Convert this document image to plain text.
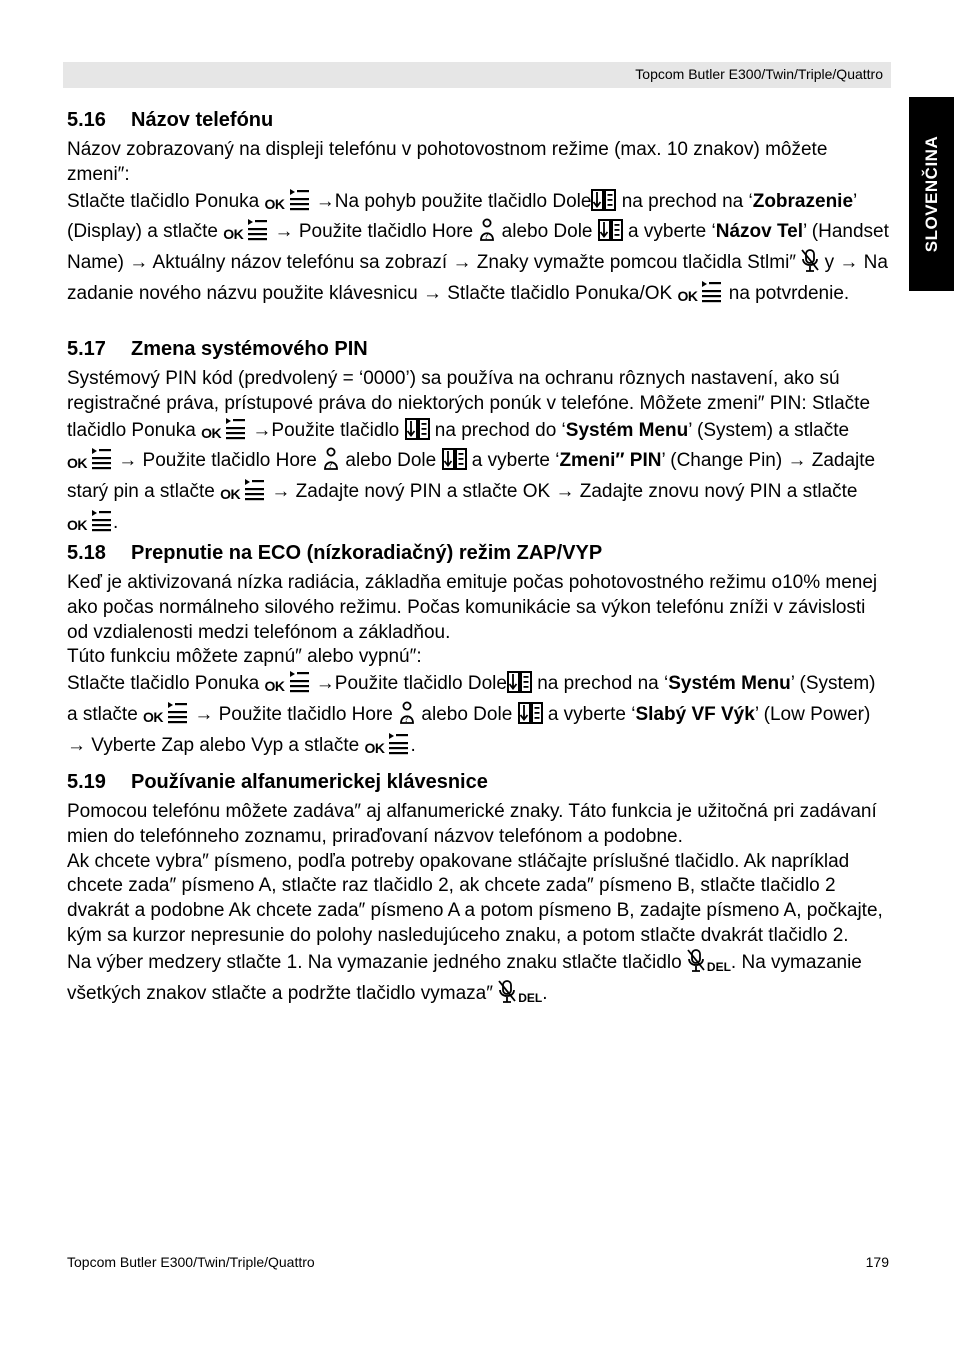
Topcom Butler E300/Twin/Triple/Quattro
SLOVENČINA
5.16 Názov telefónu

Názov zobrazovaný na displeji telefónu v pohotovostnom režime (max. 10 znakov) môžete zmeni″:

Stlačte tlačidlo Ponuka OK →Na pohyb použite tlačidlo Dole na prechod na ‘Zobrazenie’ (Display) a stlačte OK → Použite tlačidlo Hore  alebo Dole  a vyberte ‘Názov Tel’ (Handset Name) → Aktuálny názov telefónu sa zobrazí → Znaky vymažte pomcou tlačidla Stlmi″  y → Na zadanie nového názvu použite klávesnicu → Stlačte tlačidlo Ponuka/OK OK na potvrdenie.

5.17 Zmena systémového PIN

Systémový PIN kód (predvolený = ‘0000’) sa používa na ochranu rôznych nastavení, ako sú registračné práva, prístupové práva do niektorých ponúk v telefóne. Môžete zmeni″ PIN: Stlačte tlačidlo Ponuka OK →Použite tlačidlo  na prechod do ‘Systém Menu’ (System) a stlačte OK → Použite tlačidlo Hore  alebo Dole  a vyberte ‘Zmeni″ PIN’ (Change Pin) → Zadajte starý pin a stlačte OK → Zadajte nový PIN a stlačte OK → Zadajte znovu nový PIN a stlačte OK .

5.18 Prepnutie na ECO (nízkoradiačný) režim ZAP/VYP

Keď je aktivizovaná nízka radiácia, základňa emituje počas pohotovostného režimu o10% menej ako počas normálneho silového režimu. Počas komunikácie sa výkon telefónu zníži v závislosti od vzdialenosti medzi telefónom a základňou.

Túto funkciu môžete zapnú″ alebo vypnú″:

Stlačte tlačidlo Ponuka OK →Použite tlačidlo Dole na prechod na ‘Systém Menu’ (System) a stlačte OK → Použite tlačidlo Hore  alebo Dole  a vyberte ‘Slabý VF Výk’ (Low Power) → Vyberte Zap alebo Vyp a stlačte OK .

5.19 Používanie alfanumerickej klávesnice

Pomocou telefónu môžete zadáva″ aj alfanumerické znaky. Táto funkcia je užitočná pri zadávaní mien do telefónneho zoznamu, priraďovaní názvov telefónom a podobne.

Ak chcete vybra″ písmeno, podľa potreby opakovane stláčajte príslušné tlačidlo. Ak napríklad chcete zada″ písmeno A, stlačte raz tlačidlo 2, ak chcete zada″ písmeno B, stlačte tlačidlo 2 dvakrát a podobne Ak chcete zada″ písmeno A a potom písmeno B, zadajte písmeno A, počkajte, kým sa kurzor nepresunie do polohy nasledujúceho znaku, a potom stlačte dvakrát tlačidlo 2.

Na výber medzery stlačte 1. Na vymazanie jedného znaku stlačte tlačidlo DEL. Na vymazanie všetkých znakov stlačte a podržte tlačidlo vymaza″ DEL.

Topcom Butler E300/Twin/Triple/Quattro	179
